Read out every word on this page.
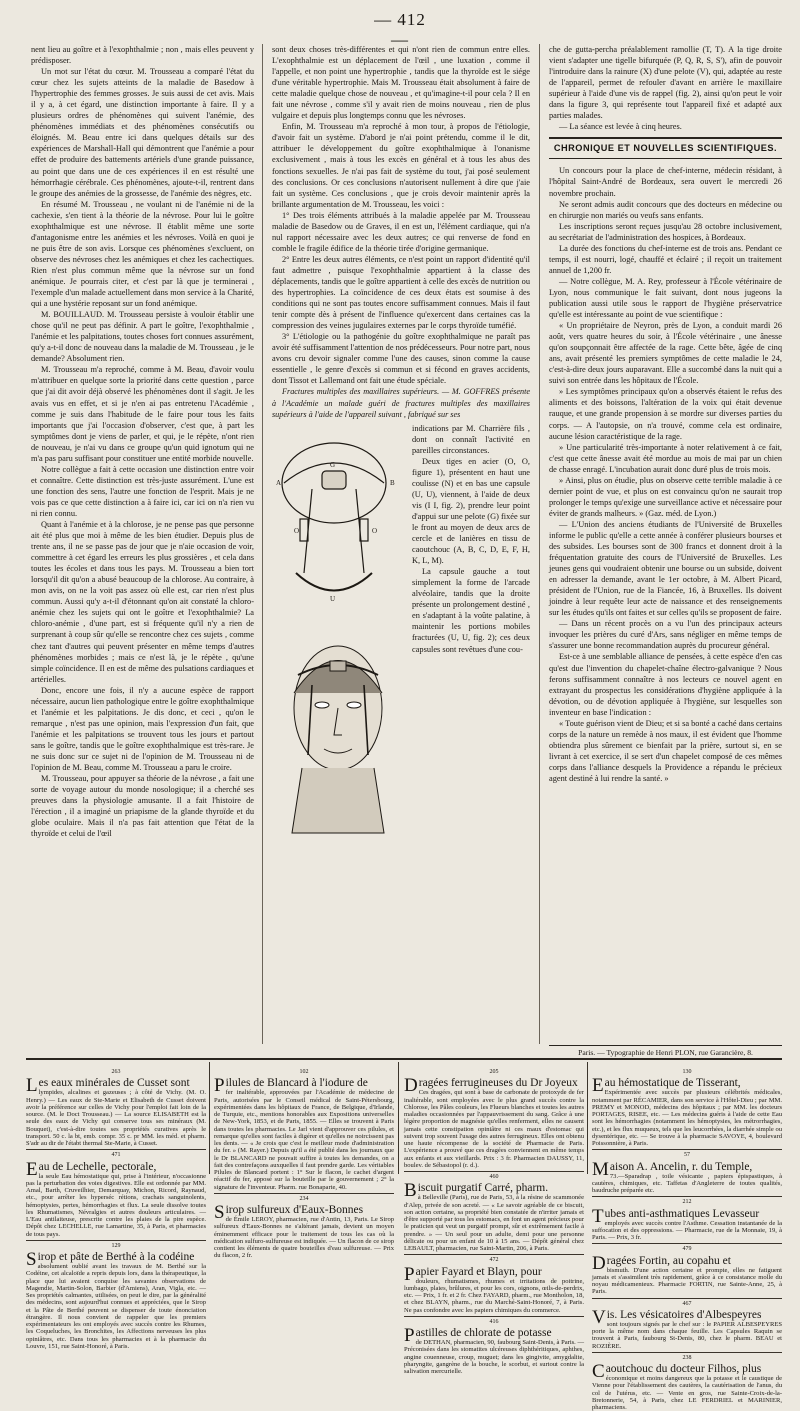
— 412 —

nent lieu au goître et à l'exophthalmie ; non , mais elles peuvent y prédisposer.

Un mot sur l'état du cœur. M. Trousseau a comparé l'état du cœur chez les sujets atteints de la maladie de Basedow à l'hypertrophie des femmes grosses. Je suis aussi de cet avis. Mais il y a, à cet égard, une distinction importante à faire. Il y a plusieurs ordres de phénomènes qui suivent l'anémie, des phénomènes immédiats et des phénomènes consécutifs ou éloignés. M. Beau entre ici dans quelques détails sur des expériences de Marshall-Hall qui démontrent que l'anémie a pour effet de produire des battements artériels d'une grande puissance, au point que dans une de ces expériences il en est résulté une hémorrhagie cérébrale. Ces phénomènes, ajoute-t-il, rentrent dans le groupe des anémies de la grossesse, de l'anémie des nègres, etc.

En résumé M. Trousseau , ne voulant ni de l'anémie ni de la cachexie, s'en tient à la théorie de la névrose. Pour lui le goître exophthalmique est une névrose. Il établit même une sorte d'antagonisme entre les anémies et les névroses. Voilà en quoi je ne puis être de son avis. Lorsque ces phénomènes s'excluent, on observe des névroses chez les anémiques et chez les cachectiques. Rien n'est plus commun même que la névrose sur un fond anémique. Je pourrais citer, et c'est par là que je terminerai , l'exemple d'un malade actuellement dans mon service à la Charité, qui a une hystérie reposant sur un fond anémique.

M. BOUILLAUD. M. Trousseau persiste à vouloir établir une chose qu'il ne peut pas définir. A part le goître, l'exophthalmie , l'anémie et les palpitations, toutes choses fort connues assurément, qu'y a-t-il donc de nouveau dans la maladie de M. Trousseau , je le demande? Absolument rien.

M. Trousseau m'a reproché, comme à M. Beau, d'avoir voulu m'attribuer en quelque sorte la priorité dans cette question , parce que j'ai dit avoir déjà observé les phénomènes dont il s'agit. Je les avais vus en effet, et si je n'en ai pas entretenu l'Académie , comme je suis dans l'habitude de le faire pour tous les faits importants que j'ai l'occasion d'observer, c'est que, à part les symptômes dont je viens de parler, et qui, je le répète, n'ont rien de nouveau, je n'ai vu dans ce groupe qu'un quid ignotum qui ne m'a pas paru suffisant pour constituer une entité morbide nouvelle.

Notre collègue a fait à cette occasion une distinction entre voir et connaître. Cette distinction est très-juste assurément. L'une est une fonction des sens, l'autre une fonction de l'esprit. Mais je ne vois pas ce que cette distinction a à faire ici, car ici on n'a rien vu ni rien connu.

Quant à l'anémie et à la chlorose, je ne pense pas que personne ait été plus que moi à même de les bien étudier. Depuis plus de trente ans, il ne se passe pas de jour que je n'aie occasion de voir, commettre à cet égard les erreurs les plus grossières , et cela dans toutes les écoles et dans tous les pays. M. Trousseau a bien tort lorsqu'il dit qu'on a abusé beaucoup de la chlorose. Au contraire, à mon avis, on ne la voit pas assez où elle est, car rien n'est plus commun. Aussi qu'y a-t-il d'étonnant qu'on ait constaté la chloro-anémie chez les sujets qui ont le goître et l'exophthalmie? La chloro-anémie , d'une part, est si fréquente qu'il n'y a rien de surprenant à coup sûr qu'elle se rencontre chez ces sujets , comme chez tant d'autres qui peuvent présenter en même temps d'autres phénomènes morbides ; mais ce n'est là, je le répète , qu'une simple coïncidence. Il en est de même des pulsations cardiaques et artérielles.

Donc, encore une fois, il n'y a aucune espèce de rapport nécessaire, aucun lien pathologique entre le goître exophthalmique et l'anémie et les palpitations. Je dis donc, et ceci , qu'on le remarque , n'est pas une opinion, mais l'expression d'un fait, que l'anémie et les palpitations se trouvent tous les jours et partout sans le goître, tandis que le goître exophthalmique est très-rare. Je ne suis donc sur ce sujet ni de l'opinion de M. Trousseau ni de l'opinion de M. Beau, comme M. Trousseau a paru le croire.

M. Trousseau, pour appuyer sa théorie de la névrose , a fait une sorte de voyage autour du monde nosologique; il a cherché ses preuves dans la physiologie amusante. Il a fait l'histoire de l'érection , il a imaginé un priapisme de la glande thyroïde et du globe oculaire. Mais il n'a pas fait attention que l'état de la thyroïde et celui de l'œil

sont deux choses très-différentes et qui n'ont rien de commun entre elles. L'exophthalmie est un déplacement de l'œil , une luxation , comme il l'appelle, et non point une hypertrophie , tandis que la thyroïde est le siége d'une véritable hypertrophie. Mais M. Trousseau était absolument à faire de cette maladie quelque chose de nouveau , et qu'imagine-t-il pour cela ? Il en fait une névrose , comme s'il y avait rien de moins nouveau , rien de plus vulgaire et depuis plus longtemps connu que les névroses.

Enfin, M. Trousseau m'a reproché à mon tour, à propos de l'étiologie, d'avoir fait un système. D'abord je n'ai point prétendu, comme il le dit, attribuer le développement du goître exophthalmique à l'onanisme exclusivement , mais à tous les excès en général et à tous les abus des fonctions sexuelles. Je n'ai pas fait de système du tout, j'ai posé seulement des conclusions. Or ces conclusions n'autorisent nullement à dire que j'aie fait un système. Ces conclusions , que je crois devoir maintenir après la brillante argumentation de M. Trousseau, les voici :

1° Des trois éléments attribués à la maladie appelée par M. Trousseau maladie de Basedow ou de Graves, il en est un, l'élément cardiaque, qui n'a nul rapport nécessaire avec les deux autres; ce qui renverse de fond en comble le fragile édifice de la théorie tirée d'origine germanique.

2° Entre les deux autres éléments, ce n'est point un rapport d'identité qu'il faut admettre , puisque l'exophthalmie appartient à la classe des déplacements, tandis que le goître appartient à celle des excès de nutrition ou des hypertrophies. La coïncidence de ces deux états est soumise à des conditions qui ne sont pas toutes encore suffisamment connues. Mais il faut tenir compte dès à présent de l'influence qu'exercent dans certaines cas la compression des veines jugulaires externes par le corps thyroïde tuméfié.

3° L'étiologie ou la pathogénie du goître exophthalmique ne paraît pas avoir été suffisamment l'attention de nos prédécesseurs. Pour notre part, nous avons cru devoir signaler comme l'une des causes, sinon comme la cause essentielle , le genre d'excès si commun et si fécond en graves accidents, dont Tissot et Lallemand ont fait une étude spéciale.

Fractures multiples des maxillaires supérieurs. — M. GOFFRES présente à l'Académie un malade guéri de fractures multiples des maxillaires supérieurs à l'aide de l'appareil suivant , fabriqué sur ses

A	B
G
O	O
U

indications par M. Charrière fils , dont on connaît l'activité en pareilles circonstances.

Deux tiges en acier (O, O, figure 1), présentent en haut une coulisse (N) et en bas une capsule (U, U), viennent, à l'aide de deux vis (I I, fig. 2), prendre leur point d'appui sur une pelote (G) fixée sur le front au moyen de deux arcs de cercle et de lanières en tissu de caoutchouc (A, B, C, D, E, F, H, K, L, M).

La capsule gauche a tout simplement la forme de l'arcade alvéolaire, tandis que la droite présente un prolongement destiné , en s'adaptant à la voûte palatine, à maintenir les portions mobiles fracturées (U, U, fig. 2); ces deux capsules sont revêtues d'une cou-

che de gutta-percha préalablement ramollie (T, T). A la tige droite vient s'adapter une tigelle bifurquée (P, Q, R, S, S'), afin de pouvoir l'introduire dans la rainure (X) d'une pelote (V), qui, adaptée au reste de l'appareil, permet de refouler d'avant en arrière le maxillaire supérieur à l'aide d'une vis de rappel (fig. 2), ainsi qu'on peut le voir dans la figure 3, qui représente tout l'appareil fixé et adapté aux parties malades.

— La séance est levée à cinq heures.

CHRONIQUE ET NOUVELLES SCIENTIFIQUES.

Un concours pour la place de chef-interne, médecin résidant, à l'hôpital Saint-André de Bordeaux, sera ouvert le mercredi 26 novembre prochain.

Ne seront admis audit concours que des docteurs en médecine ou en chirurgie non mariés ou veufs sans enfants.

Les inscriptions seront reçues jusqu'au 28 octobre inclusivement, au secrétariat de l'administration des hospices, à Bordeaux.

La durée des fonctions du chef-interne est de trois ans. Pendant ce temps, il est nourri, logé, chauffé et éclairé ; il reçoit un traitement annuel de 1,200 fr.

— Notre collègue, M. A. Rey, professeur à l'École vétérinaire de Lyon, nous communique le fait suivant, dont nous jugeons la publication aussi utile sous le rapport de l'hygiène préservatrice qu'elle est intéressante au point de vue scientifique :

« Un propriétaire de Neyron, près de Lyon, a conduit mardi 26 août, vers quatre heures du soir, à l'École vétérinaire , une ânesse qu'on soupçonnait être affectée de la rage. Cette bête, âgée de cinq ans, avait présenté les premiers symptômes de cette maladie le 24, c'est-à-dire deux jours auparavant. Elle a succombé dans la nuit qui a suivi son entrée dans les hôpitaux de l'École.

» Les symptômes principaux qu'on a observés étaient le refus des aliments et des boissons, l'altération de la voix qui était devenue rauque, et une grande propension à se mordre sur diverses parties du corps. — A l'autopsie, on n'a trouvé, comme cela est ordinaire, aucune lésion caractéristique de la rage.

» Une particularité très-importante à noter relativement à ce fait, c'est que cette ânesse avait été mordue au mois de mai par un chien de chasse enragé. L'incubation aurait donc duré plus de trois mois.

» Ainsi, plus on étudie, plus on observe cette terrible maladie à ce dernier point de vue, et plus on est convaincu qu'on ne saurait trop prolonger le temps qu'exige une surveillance active et nécessaire pour éviter de grands malheurs. » (Gaz. méd. de Lyon.)

— L'Union des anciens étudiants de l'Université de Bruxelles informe le public qu'elle a cette année à conférer plusieurs bourses et des subsides. Les bourses sont de 300 francs et donnent droit à la fréquentation gratuite des cours de l'Université de Bruxelles. Les jeunes gens qui voudraient obtenir une bourse ou un subside, doivent en adresser la demande, avant le 1er octobre, à M. Albert Picard, président de l'Union, rue de la Fiancée, 16, à Bruxelles. Ils doivent joindre à leur requête leur acte de naissance et des renseignements sur les études qu'ils ont faites et sur celles qu'ils se proposent de faire.

— Dans un récent procès on a vu l'un des principaux acteurs invoquer les prières du curé d'Ars, sans négliger en même temps de s'assurer une bonne recommandation auprès du procureur général.

Est-ce à une semblable alliance de pensées, à cette espèce d'en cas qu'est due l'invention du chapelet-chaîne électro-galvanique ? Nous ferons suffisamment connaître à nos lecteurs ce nouvel agent en extrayant du prospectus les considérations d'hygiène appliquée à la dévotion, ou de dévotion appliquée à l'hygiène, sur lesquelles son inventeur en base l'indication :

« Toute guérison vient de Dieu; et si sa bonté a caché dans certains corps de la nature un remède à nos maux, il est évident que l'homme obtiendra plus sûrement ce bienfait par la prière, surtout si, en se livrant à cet exercice, il se sert d'un chapelet composé de ces mêmes corps dans l'alliance desquels la Providence a répandu le précieux agent destiné à lui rendre la santé. »

Paris. — Typographie de Henri PLON, rue Garancière, 8.
263
Les eaux minérales de Cusset sont
lympides, alcalines et gazeuses ; à côté de Vichy. (M. O. Henry.) — Les eaux de Ste-Marie et Elisabeth de Cusset doivent avoir la préférence sur celles de Vichy pour l'emploi fait loin de la source. (M. le Doct Trousseau.) — La source ELISABETH est la seule des eaux de Vichy qui conserve tous ses minéraux (M. Bouquet), c'est-à-dire toutes ses propriétés curatives après le transport. 50 c. la bt, emb. compr. 35 c. pr MM. les méd. et pharm. S'adr au dir de l'étabt thermal Ste-Marie, à Cusset.
471
Eau de Lechelle, pectorale,
la seule Eau hémostatique qui, prise à l'intérieur, n'occasionne pas la perturbation des voies digestives. Elle est ordonnée par MM. Amal, Barth, Cruveilhier, Demarquay, Michon, Ricord, Raynaud, etc., pour arrêter les hyperséc rétions, crachats sanguinolents, hémoptysies, pertes, hémorrhagies et flux. La seule dissolve toutes les Rhumatismes, Névralgies et autres douleurs articulaires. — L'Eau antilaiteuse, prescrite contre les plaies de la pire espèce. Dépôt chez LECHELLE, rue Lamartine, 35, à Paris, et pharmacies de tous pays.
129
Sirop et pâte de Berthé à la codéine
absolument oublié avant les travaux de M. Berthé sur la Codéine, cet alcaloïde a repris depuis lors, dans la thérapeutique, la place que lui avaient conquise les savantes observations de Magendie, Martin-Solon, Barbier (d'Amiens), Aran, Vigla, etc. — Ses propriétés calmantes, utilisées, on peut le dire, par la généralité des médecins, sont aujourd'hui connues et appréciées, que le Sirop et la Pâte de Berthé peuvent se dispenser de toute énonciation étrangère. Il nous convient de rappeler que les premiers expérimentateurs les ont employés avec succès contre les Rhumes, les Coqueluches, les Bronchites, les Affections nerveuses les plus opiniâtres, etc. Dans tous les pharmacies et à la pharmacie du Louvre, 151, rue Saint-Honoré, à Paris.
102
Pilules de Blancard à l'iodure de
fer inaltérable, approuvées par l'Académie de médecine de Paris, autorisées par le Conseil médical de Saint-Pétersbourg, expérimentées dans les hôpitaux de France, de Belgique, d'Irlande, de Turquie, etc., mentions honorables aux Expositions universelles de New-York, 1853, et de Paris, 1855. — Elles se trouvent à Paris dans toutes les pharmacies. Le Jarl vient d'approuver ces pilules, et remarque qu'elles sont faciles à digérer et qu'elles ne noircissent pas les dents. — « Je crois que c'est le meilleur mode d'administration du fer. » (M. Rayer.) Depuis qu'il a été publié dans les journaux que le Dr BLANCARD ne pouvait suffire à toutes les demandes, on a fait des contrefaçons auxquelles il faut prendre garde. Les véritables Pilules de Blancard portent : 1° Sur le flacon, le cachet d'argent réactif du fer, apposé sur la bouteille par le gouvernement ; 2° la signature de l'inventeur. Pharm. rue Bonaparte, 40.
234
Sirop sulfureux d'Eaux-Bonnes
de Émile LEROY, pharmacien, rue d'Antin, 13, Paris. Le Sirop sulfureux d'Eaux-Bonnes ne s'altérant jamais, devient un moyen éminemment efficace pour le traitement de tous les cas où la médication sulfuro-sulfureuse est indiquée. — Un flacon de ce sirop contient les éléments de quatre bouteilles d'eau sulfureuse. — Prix du flacon, 2 fr.
205
Dragées ferrugineuses du Dr Joyeux
Ces dragées, qui sont à base de carbonate de protoxyde de fer inaltérable, sont employées avec le plus grand succès contre la Chlorose, les Pâles couleurs, les Flueurs blanches et toutes les autres maladies occasionnées par l'appauvrissement du sang. Grâce à une légère proportion de magnésie qu'elles renferment, elles ne causent jamais cette constipation opiniâtre ni ces maux d'estomac qui suivent trop souvent l'usage des autres ferrugineux. Elles ont obtenu une haute récompense de la société de Pharmacie de Paris. L'expérience a prouvé que ces dragées conviennent en même temps aux enfants et aux vieillards. Prix : 3 fr. Pharmacien DAUSSY, 11, boulev. de Sébastopol (r. d.).
460
Biscuit purgatif Carré, pharm.
à Belleville (Paris), rue de Paris, 53, à la résine de scammonée d'Alep, privée de son acreté. — « Le savoir agréable de ce biscuit, son action certaine, sa propriété bien constatée de n'irriter jamais et d'être supporté par tous les estomacs, en font un agent précieux pour le praticien qui veut un purgatif prompt, sûr et extrêmement facile à prendre. » — Un seul pour un adulte, demi pour une personne délicate ou pour un enfant de 10 à 15 ans. — Dépôt général chez LEBAULT, pharmacien, rue Saint-Martin, 206, à Paris.
472
Papier Fayard et Blayn, pour
douleurs, rhumatismes, rhumes et irritations de poitrine, lumbago, plaies, brûlures, et pour les cors, oignons, œils-de-perdrix, etc. — Prix, 1 fr. et 2 fr. Chez FAYARD, pharm., rue Montholon, 18, et chez BLAYN, pharm., rue du Marché-Saint-Honoré, 7, à Paris. Ne pas confondre avec les papiers chimiques du commerce.
416
Pastilles de chlorate de potasse
de DETHAN, pharmacien, 90, faubourg Saint-Denis, à Paris. — Préconisées dans les stomatites ulcéreuses diphthéritiques, aphthes, angine couenneuse, croup, muguet; dans les gingivite, amygdalite, pharyngite, gangrène de la bouche, le scorbut, et surtout contre la salivation mercurielle.
130
Eau hémostatique de Tisserant,
Expérimentée avec succès par plusieurs célébrités médicales, notamment par RÉCAMIER, dans son service à l'Hôtel-Dieu ; par MM. PREMY et MONOD, médecins des hôpitaux ; par MM. les docteurs PORTAGES, RISEE, etc. — Les médecins guéris à l'aide de cette Eau sont les hémorrhagies (notamment les hémoptysies, les métrorrhagies, etc.), et les flux muqueux, tels que les leucorrhées, la diarrhée simple ou dysentérique, etc. — Se trouve à la pharmacie SAVOYE, 4, boulevard Poissonnière, à Paris.
57
Maison A. Ancelin, r. du Temple,
73.—Sparadrap , toile vésicante , papiers épispastiques, à cautères, chimiques, etc. Taffetas d'Angleterre de toutes qualités, baudruche préparée etc.
212
Tubes anti-asthmatiques Levasseur
employés avec succès contre l'Asthme. Cessation instantanée de la suffocation et des oppressions. — Pharmacie, rue de la Monnaie, 19, à Paris. — Prix, 3 fr.
479
Dragées Fortin, au copahu et
bismuth. D'une action certaine et prompte, elles ne fatiguent jamais et s'assimilent très rapidement, grâce à ce consistance molle du noyau médicamenteux. Pharmacie FORTIN, rue Sainte-Anne, 25, à Paris.
467
Vis. Les vésicatoires d'Albespeyres
sont toujours signés par le chef sur : le PAPIER ALBESPEYRES porte la même nom dans chaque feuille. Les Capsules Raquin se trouvent à Paris, faubourg St-Denis, 80, chez le pharm. BEAU et ROZIÈRE.
238
Caoutchouc du docteur Filhos, plus
économique et moins dangereux que la potasse et le caustique de Vienne pour l'établissement des cautères, la cautérisation de l'anus, du col de l'utérus, etc. — Vente en gros, rue Sainte-Croix-de-la-Bretonnerie, 54, à Paris, chez LE FERDRIEL et MARINIER, pharmaciens.
